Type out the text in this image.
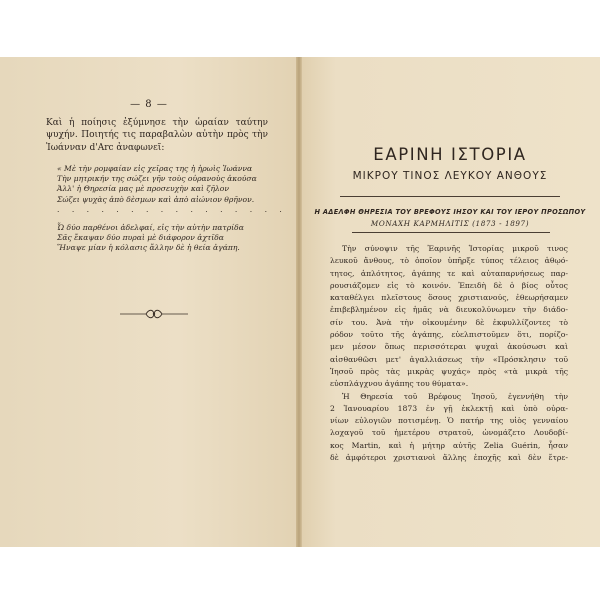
— 8 —
Καὶ ἡ ποίησις ἐξύμνησε τὴν ὡραίαν ταύτην ψυχήν. Ποιητής τις παραβαλὼν αὐτὴν πρὸς τὴν Ἰωάνναν d'Arc ἀναφωνεῖ:
« Μὲ τὴν ρομφαίαν εἰς χεῖρας της ἡ ἡρωὶς Ἰωάννα
Τὴν μητρικήν της σώζει γῆν τοὺς οὐρανοὺς ἀκούσα
Ἀλλ' ἡ Θηρεσία μας μὲ προσευχὴν καὶ ζῆλον
Σώζει ψυχὰς ἀπὸ δὲσμων καὶ ἀπὸ αἰώνιον θρῆνον.
. . . . . . . . . . . . . . . .
Ὦ δύο παρθένοι ἀδελφαί, εἰς τὴν αὐτὴν πατρίδα
Σᾶς ἔκαψαν δύο πυραὶ μὲ διάφορον ἀχτῖδα
Ἥναψε μίαν ἡ κόλασις ἄλλην δὲ ἡ θεία ἀγάπη.
ΕΑΡΙΝΗ ΙΣΤΟΡΙΑ
ΜΙΚΡΟΥ ΤΙΝΟΣ ΛΕΥΚΟΥ ΑΝΘΟΥΣ
Η ΑΔΕΛΦΗ ΘΗΡΕΣΙΑ ΤΟΥ ΒΡΕΦΟΥΣ ΙΗΣΟΥ ΚΑΙ ΤΟΥ ΙΕΡΟΥ ΠΡΟΣΩΠΟΥ
ΜΟΝΑΧΗ ΚΑΡΜΗΛΙΤΙΣ (1873 - 1897)
Τὴν σύνοψιν τῆς Ἐαρινῆς Ἱστορίας μικροῦ τινος
λευκοῦ ἄνθους, τὸ ὁποῖον ὑπῆρξε τύπος τέλειος ἁθῳό-
τητος, ἁπλότητος, ἀγάπης τε καὶ αὐταπαρνήσεως παρ-
ρουσιάζομεν εἰς τὸ κοινόν. Ἐπειδὴ δὲ ὁ βίος οὗτος
καταθέλγει πλεῖστους ὅσους χριστιανούς, ἐθεωρήσαμεν
ἐπιβεβλημένον εἰς ἡμᾶς νὰ διευκολύνωμεν τὴν διάδο-
σίν του. Ἀνὰ τὴν οἰκουμένην δὲ ἐκφυλλίζοντες τὸ
ρόδον τοῦτο τῆς ἀγάπης, εὐελπιστοῦμεν ὅτι, πορίζο-
μεν μέσον ὅπως περισσότεραι ψυχαὶ ἀκούσωσι καὶ
αἰσθανθῶσι μετ' ἀγαλλιάσεως τὴν «Πρόσκλησιν τοῦ
Ἰησοῦ πρὸς τὰς μικρὰς ψυχάς» πρὸς «τὰ μικρὰ τῆς
εὐσπλάγχνου ἀγάπης του θύματα».
Ἡ Θηρεσία τοῦ Βρέφους Ἰησοῦ, ἐγεννήθη τὴν
2 Ἰανουαρίου 1873 ἐν γῇ ἐκλεκτῇ καὶ ὑπὸ οὐρα-
νίων εὐλογιῶν ποτισμένῃ. Ὁ πατήρ της υἱὸς γενναίου
λοχαγοῦ τοῦ ἡμετέρου στρατοῦ, ὠνομάζετο Λουδοβί-
κος Martin, καὶ ἡ μήτηρ αὐτῆς Zelia Guérin, ἦσαν
δὲ ἀμφότεροι χριστιανοὶ ἄλλης ἐποχῆς καὶ δὲν ἔτρε-
